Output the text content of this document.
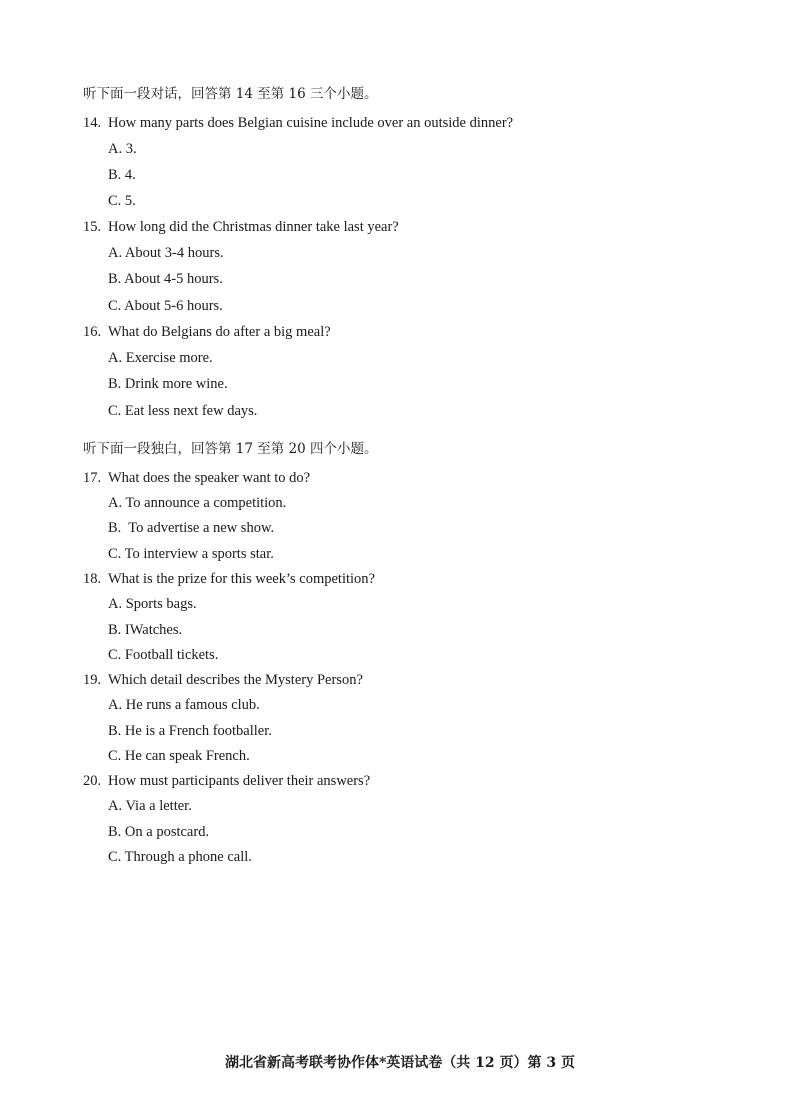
听下面一段对话，回答第 14 至第 16 三个小题。
14. How many parts does Belgian cuisine include over an outside dinner?
A. 3.
B. 4.
C. 5.
15. How long did the Christmas dinner take last year?
A. About 3-4 hours.
B. About 4-5 hours.
C. About 5-6 hours.
16. What do Belgians do after a big meal?
A. Exercise more.
B. Drink more wine.
C. Eat less next few days.
听下面一段独白，回答第 17 至第 20 四个小题。
17. What does the speaker want to do?
A. To announce a competition.
B.  To advertise a new show.
C. To interview a sports star.
18. What is the prize for this week’s competition?
A. Sports bags.
B. IWatches.
C. Football tickets.
19. Which detail describes the Mystery Person?
A. He runs a famous club.
B. He is a French footballer.
C. He can speak French.
20. How must participants deliver their answers?
A. Via a letter.
B. On a postcard.
C. Through a phone call.
湖北省新高考联考协作体*英语试卷（共 12 页）第 3 页
